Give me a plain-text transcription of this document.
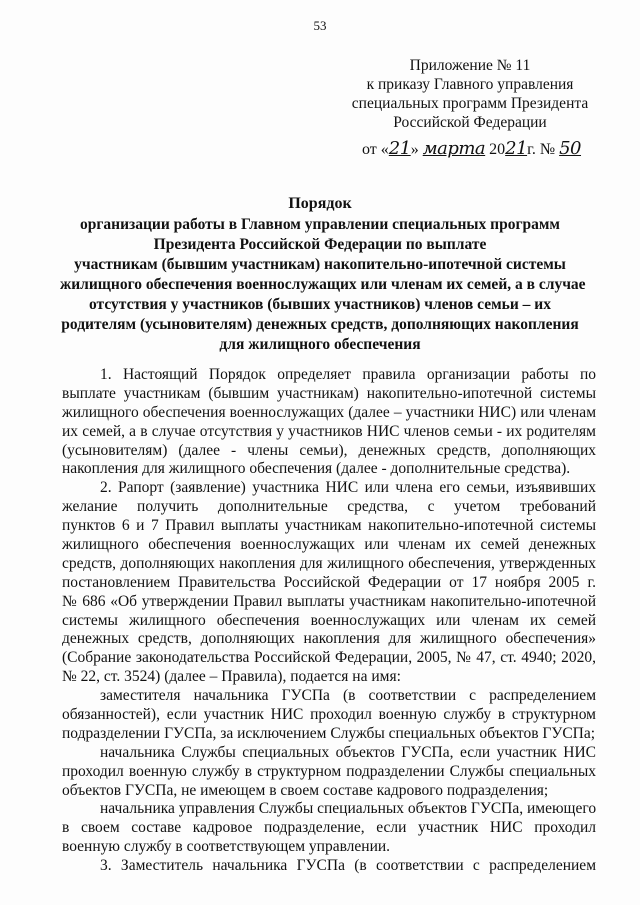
53
Приложение № 11
к приказу Главного управления
специальных программ Президента
Российской Федерации
от «21» марта 2021г. № 50
Порядок
организации работы в Главном управлении специальных программ
Президента Российской Федерации по выплате
участникам (бывшим участникам) накопительно-ипотечной системы
жилищного обеспечения военнослужащих или членам их семей, а в случае
отсутствия у участников (бывших участников) членов семьи – их
родителям (усыновителям) денежных средств, дополняющих накопления
для жилищного обеспечения
1. Настоящий Порядок определяет правила организации работы по
выплате участникам (бывшим участникам) накопительно-ипотечной системы
жилищного обеспечения военнослужащих (далее – участники НИС) или членам
их семей, а в случае отсутствия у участников НИС членов семьи - их родителям
(усыновителям) (далее - члены семьи), денежных средств, дополняющих
накопления для жилищного обеспечения (далее - дополнительные средства).
2. Рапорт (заявление) участника НИС или члена его семьи, изъявивших
желание получить дополнительные средства, с учетом требований
пунктов 6 и 7 Правил выплаты участникам накопительно-ипотечной системы
жилищного обеспечения военнослужащих или членам их семей денежных
средств, дополняющих накопления для жилищного обеспечения, утвержденных
постановлением Правительства Российской Федерации от 17 ноября 2005 г.
№ 686 «Об утверждении Правил выплаты участникам накопительно-ипотечной
системы жилищного обеспечения военнослужащих или членам их семей
денежных средств, дополняющих накопления для жилищного обеспечения»
(Собрание законодательства Российской Федерации, 2005, № 47, ст. 4940; 2020,
№ 22, ст. 3524) (далее – Правила), подается на имя:
заместителя начальника ГУСПа (в соответствии с распределением
обязанностей), если участник НИС проходил военную службу в структурном
подразделении ГУСПа, за исключением Службы специальных объектов ГУСПа;
начальника Службы специальных объектов ГУСПа, если участник НИС
проходил военную службу в структурном подразделении Службы специальных
объектов ГУСПа, не имеющем в своем составе кадрового подразделения;
начальника управления Службы специальных объектов ГУСПа, имеющего
в своем составе кадровое подразделение, если участник НИС проходил
военную службу в соответствующем управлении.
3. Заместитель начальника ГУСПа (в соответствии с распределением
